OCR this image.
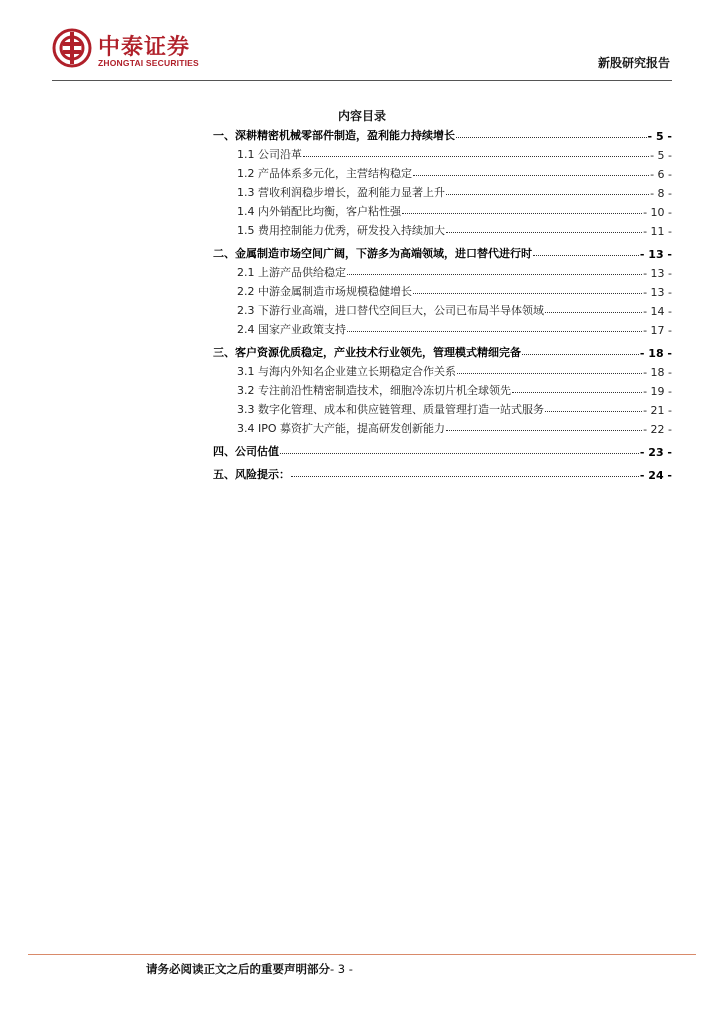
中泰证券
ZHONGTAI SECURITIES	新股研究报告
内容目录
一、深耕精密机械零部件制造，盈利能力持续增长	- 5 -
1.1 公司沿革	- 5 -
1.2 产品体系多元化，主营结构稳定	- 6 -
1.3 营收利润稳步增长，盈利能力显著上升	- 8 -
1.4 内外销配比均衡，客户粘性强	- 10 -
1.5 费用控制能力优秀，研发投入持续加大	- 11 -
二、金属制造市场空间广阔，下游多为高端领域，进口替代进行时	- 13 -
2.1 上游产品供给稳定	- 13 -
2.2 中游金属制造市场规模稳健增长	- 13 -
2.3 下游行业高端，进口替代空间巨大，公司已布局半导体领域	- 14 -
2.4 国家产业政策支持	- 17 -
三、客户资源优质稳定，产业技术行业领先，管理模式精细完备	- 18 -
3.1 与海内外知名企业建立长期稳定合作关系	- 18 -
3.2 专注前沿性精密制造技术，细胞冷冻切片机全球领先	- 19 -
3.3 数字化管理、成本和供应链管理、质量管理打造一站式服务	- 21 -
3.4 IPO 募资扩大产能，提高研发创新能力	- 22 -
四、公司估值	- 23 -
五、风险提示：	- 24 -
请务必阅读正文之后的重要声明部分- 3 -
